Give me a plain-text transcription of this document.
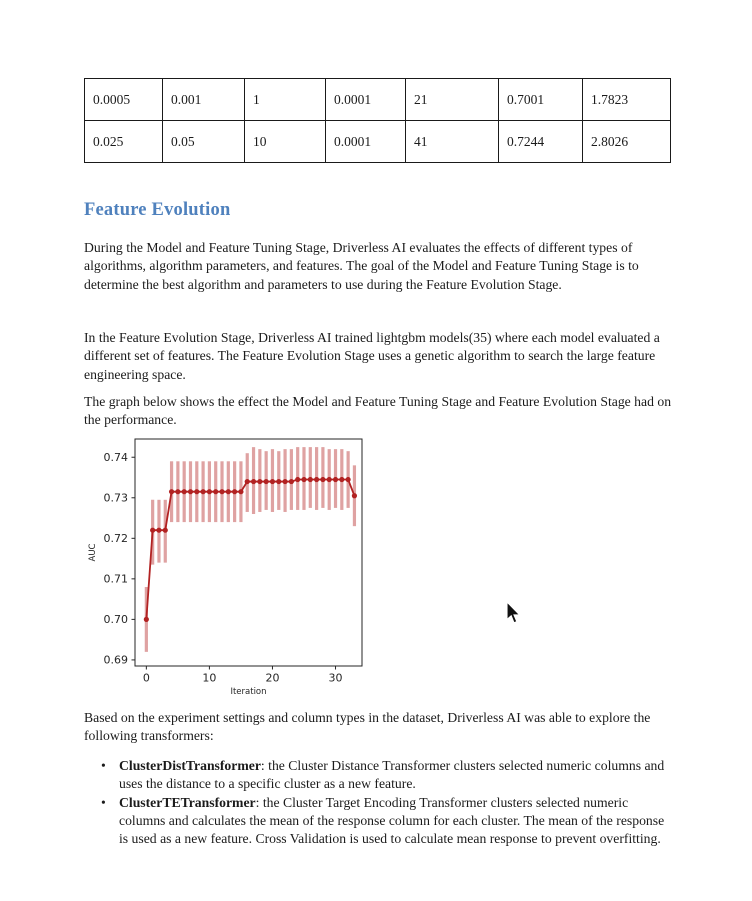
0.0005	0.001	1	0.0001	21	0.7001	1.7823
0.025	0.05	10	0.0001	41	0.7244	2.8026
Feature Evolution
During the Model and Feature Tuning Stage, Driverless AI evaluates the effects of different types of algorithms, algorithm parameters, and features. The goal of the Model and Feature Tuning Stage is to determine the best algorithm and parameters to use during the Feature Evolution Stage.
In the Feature Evolution Stage, Driverless AI trained lightgbm models(35) where each model evaluated a different set of features. The Feature Evolution Stage uses a genetic algorithm to search the large feature engineering space.
The graph below shows the effect the Model and Feature Tuning Stage and Feature Evolution Stage had on the performance.
0.69
0.70
0.71
0.72
0.73
0.74
0	10	20	30
Iteration
AUC
Based on the experiment settings and column types in the dataset, Driverless AI was able to explore the following transformers:
• ClusterDistTransformer: the Cluster Distance Transformer clusters selected numeric columns and uses the distance to a specific cluster as a new feature.
• ClusterTETransformer: the Cluster Target Encoding Transformer clusters selected numeric columns and calculates the mean of the response column for each cluster. The mean of the response is used as a new feature. Cross Validation is used to calculate mean response to prevent overfitting.
